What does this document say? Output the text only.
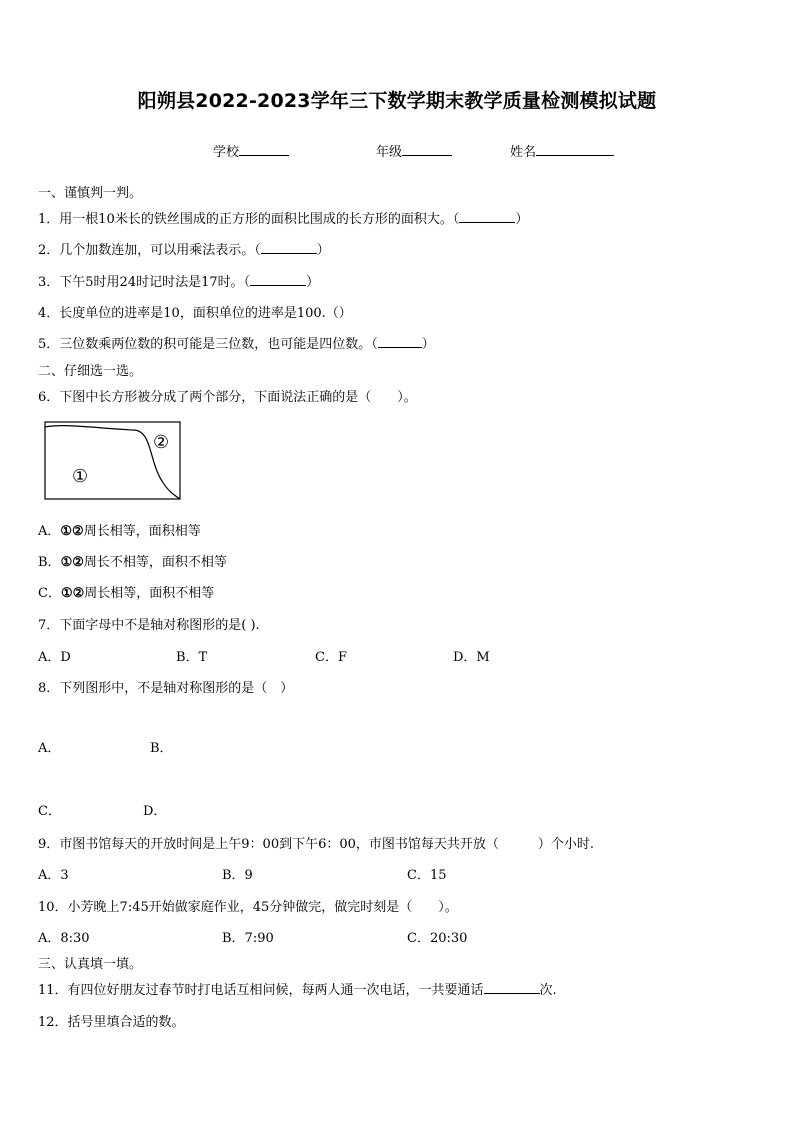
阳朔县2022-2023学年三下数学期末教学质量检测模拟试题
学校	年级	姓名
一、谨慎判一判。
1．用一根10米长的铁丝围成的正方形的面积比围成的长方形的面积大。（	）
2．几个加数连加，可以用乘法表示。（	）
3．下午5时用24时记时法是17时。（	）
4．长度单位的进率是10，面积单位的进率是100.（）
5．三位数乘两位数的积可能是三位数，也可能是四位数。（	）
二、仔细选一选。
6．下图中长方形被分成了两个部分，下面说法正确的是（　　）。
①
②
A．①②周长相等，面积相等
B．①②周长不相等，面积不相等
C．①②周长相等，面积不相等
7．下面字母中不是轴对称图形的是( ).
A．D	B．T	C．F	D．M
8．下列图形中，不是轴对称图形的是（　）
A．	B．
C．	D．
9．市图书馆每天的开放时间是上午9：00到下午6：00，市图书馆每天共开放（　　　）个小时.
A．3	B．9	C．15
10．小芳晚上7:45开始做家庭作业，45分钟做完，做完时刻是（　　）。
A．8:30	B．7:90	C．20:30
三、认真填一填。
11．有四位好朋友过春节时打电话互相问候，每两人通一次电话，一共要通话	次.
12．括号里填合适的数。
